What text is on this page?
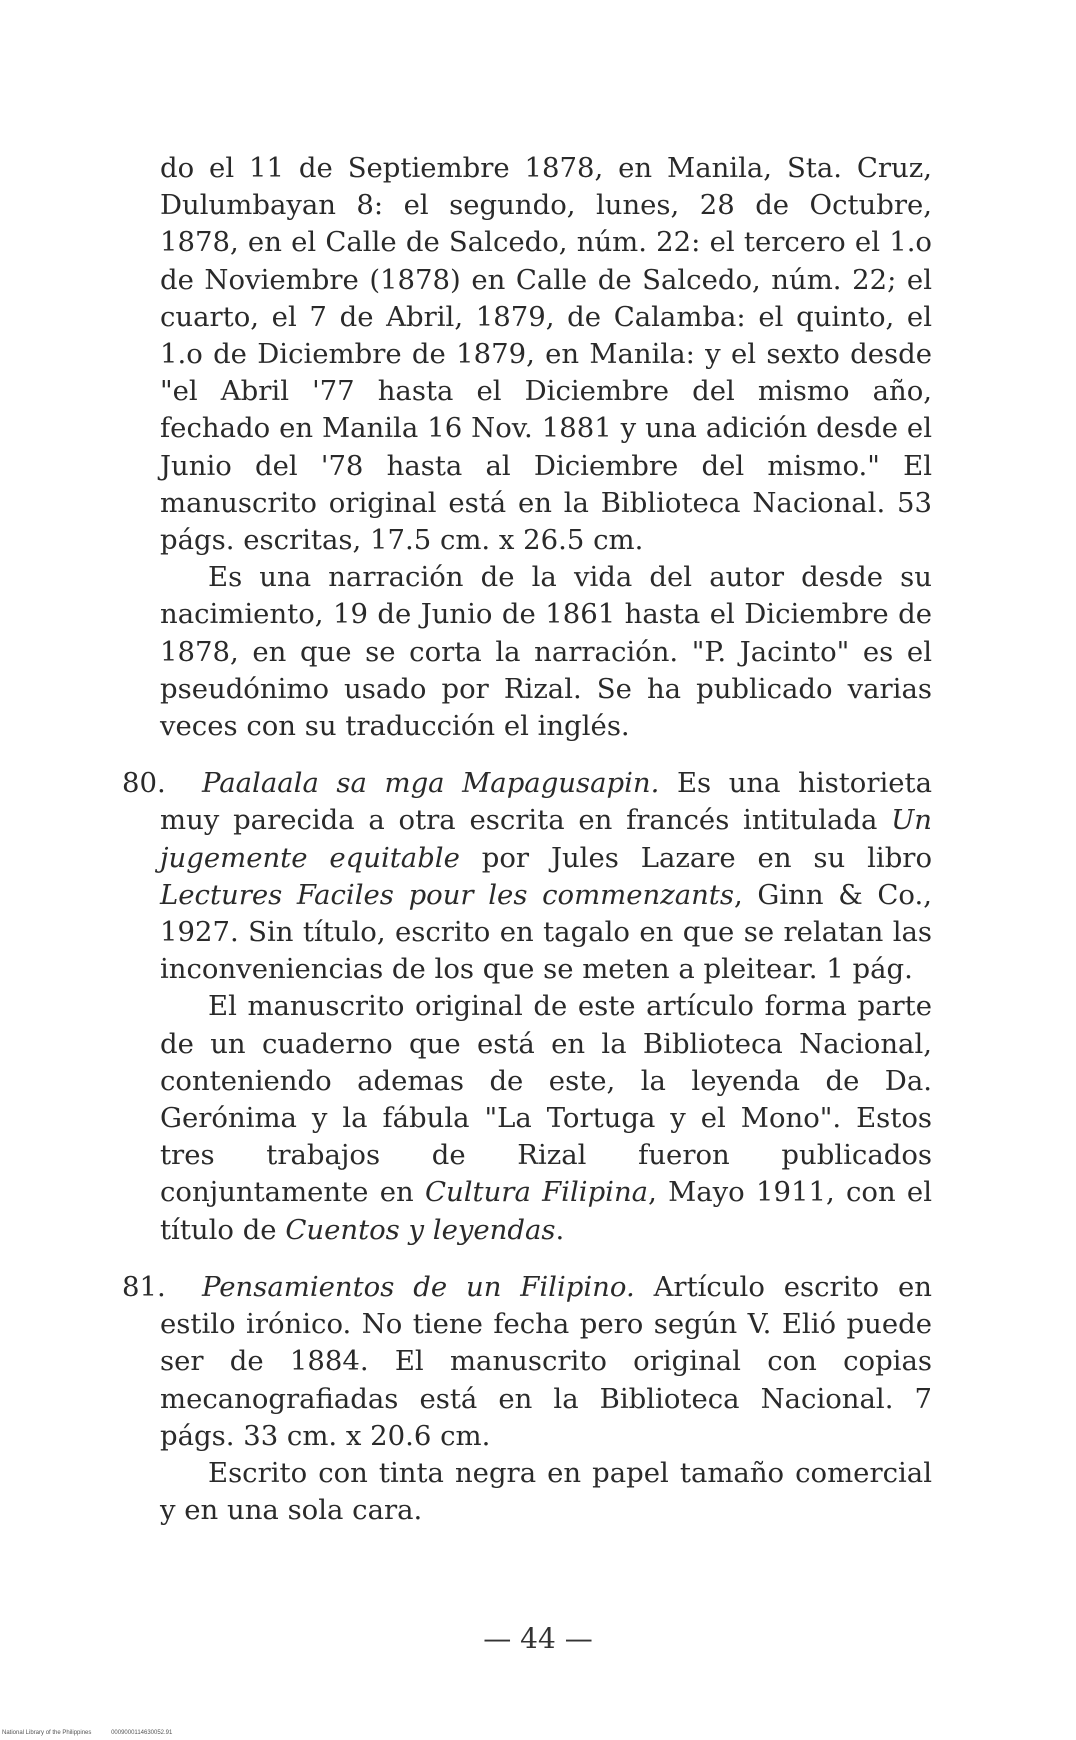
do el 11 de Septiembre 1878, en Manila, Sta. Cruz, Dulumbayan 8: el segundo, lunes, 28 de Octubre, 1878, en el Calle de Salcedo, núm. 22: el tercero el 1.o de Noviembre (1878) en Calle de Salcedo, núm. 22; el cuarto, el 7 de Abril, 1879, de Calamba: el quinto, el 1.o de Diciembre de 1879, en Manila: y el sexto desde "el Abril '77 hasta el Diciembre del mismo año, fechado en Manila 16 Nov. 1881 y una adición desde el Junio del '78 hasta al Diciembre del mismo." El manuscrito original está en la Biblioteca Nacional. 53 págs. escritas, 17.5 cm. x 26.5 cm.

Es una narración de la vida del autor desde su nacimiento, 19 de Junio de 1861 hasta el Diciembre de 1878, en que se corta la narración. "P. Jacinto" es el pseudónimo usado por Rizal. Se ha publicado varias veces con su traducción el inglés.

80.	Paalaala sa mga Mapagusapin. Es una historieta muy parecida a otra escrita en francés intitulada Un jugemente equitable por Jules Lazare en su libro Lectures Faciles pour les commenzants, Ginn & Co., 1927. Sin título, escrito en tagalo en que se relatan las inconveniencias de los que se meten a pleitear. 1 pág.

El manuscrito original de este artículo forma parte de un cuaderno que está en la Biblioteca Nacional, conteniendo ademas de este, la leyenda de Da. Gerónima y la fábula "La Tortuga y el Mono". Estos tres trabajos de Rizal fueron publicados conjuntamente en Cultura Filipina, Mayo 1911, con el título de Cuentos y leyendas.

81.	Pensamientos de un Filipino. Artículo escrito en estilo irónico. No tiene fecha pero según V. Elió puede ser de 1884. El manuscrito original con copias mecanografiadas está en la Biblioteca Nacional. 7 págs. 33 cm. x 20.6 cm.

Escrito con tinta negra en papel tamaño comercial y en una sola cara.

— 44 —
National Library of the Philippines	0009000114630052.91
